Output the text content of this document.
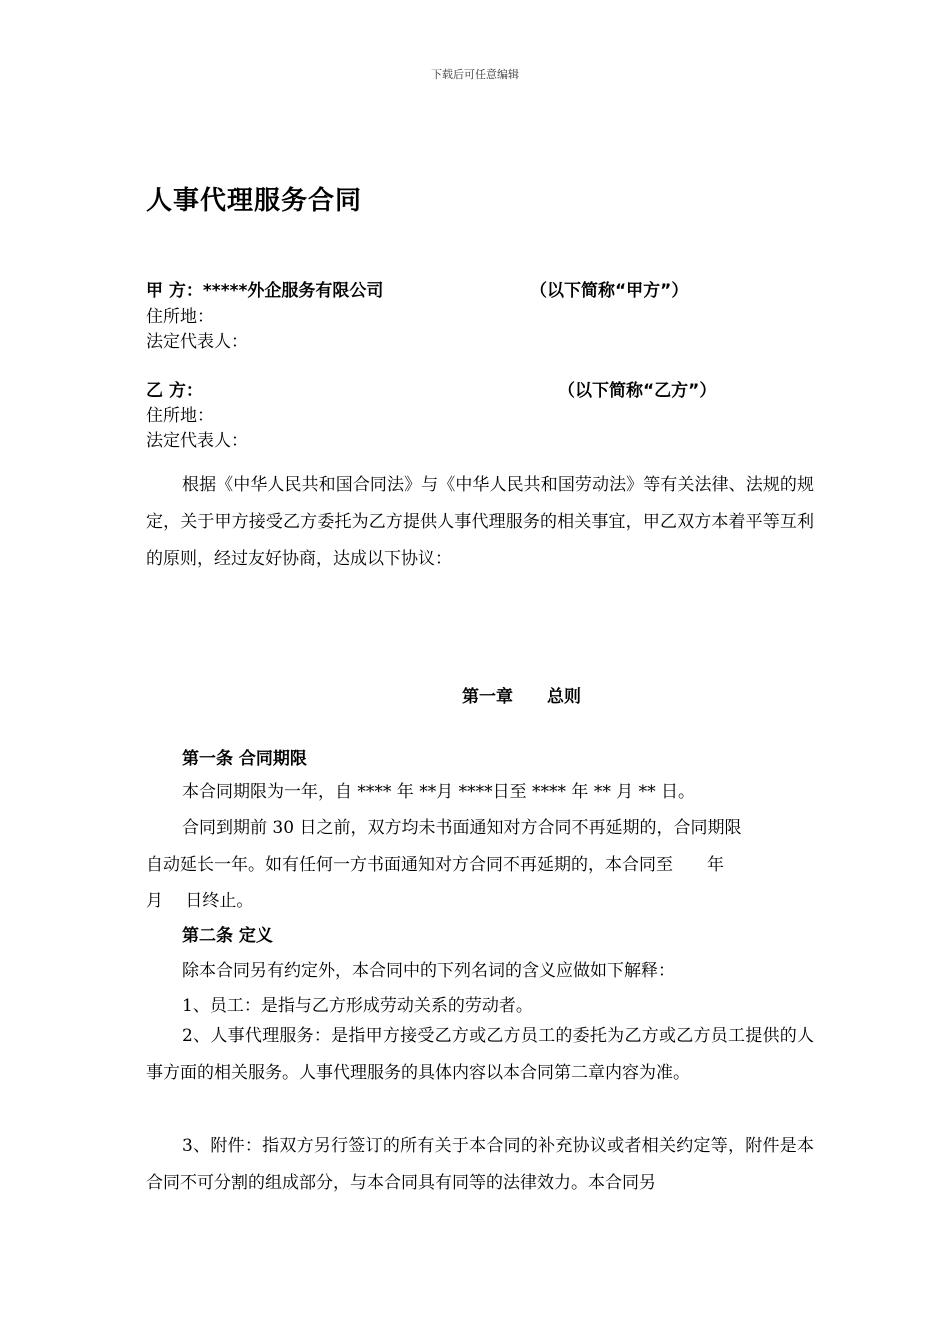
下载后可任意编辑
人事代理服务合同
甲 方：*****外企服务有限公司	（以下简称“甲方”）
住所地：
法定代表人：
乙 方：	（以下简称“乙方”）
住所地：
法定代表人：
根据《中华人民共和国合同法》与《中华人民共和国劳动法》等有关法律、法规的规定，关于甲方接受乙方委托为乙方提供人事代理服务的相关事宜，甲乙双方本着平等互利的原则，经过友好协商，达成以下协议：
第一章　　总则
第一条 合同期限
本合同期限为一年，自 **** 年 **月 ****日至 **** 年 ** 月 ** 日。
合同到期前 30 日之前，双方均未书面通知对方合同不再延期的，合同期限
自动延长一年。如有任何一方书面通知对方合同不再延期的，本合同至　　年
月　 日终止。
第二条 定义
除本合同另有约定外，本合同中的下列名词的含义应做如下解释：
1、员工：是指与乙方形成劳动关系的劳动者。
2、人事代理服务：是指甲方接受乙方或乙方员工的委托为乙方或乙方员工提供的人事方面的相关服务。人事代理服务的具体内容以本合同第二章内容为准。
3、附件：指双方另行签订的所有关于本合同的补充协议或者相关约定等，附件是本合同不可分割的组成部分，与本合同具有同等的法律效力。本合同另
